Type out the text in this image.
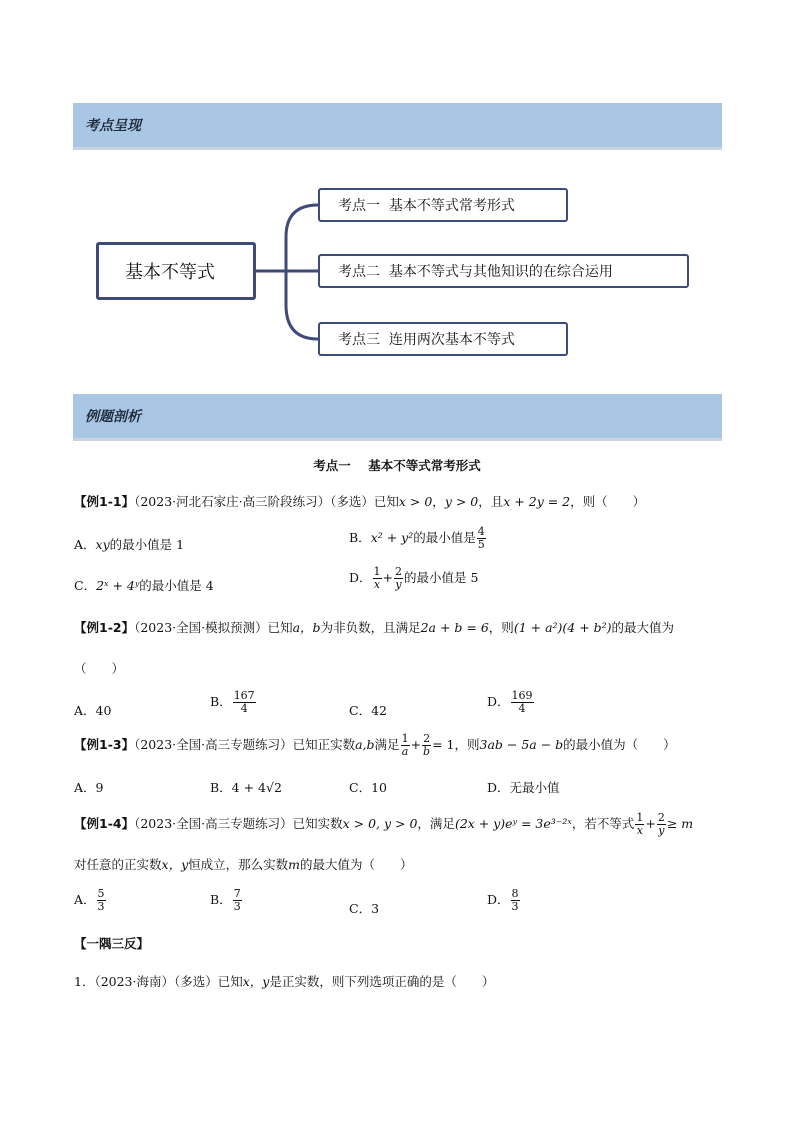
考点呈现
基本不等式
考点一  基本不等式常考形式
考点二  基本不等式与其他知识的在综合运用
考点三  连用两次基本不等式
例题剖析
考点一    基本不等式常考形式
【例1-1】（2023·河北石家庄·高三阶段练习）（多选）已知x > 0，y > 0，且x + 2y = 2，则（　　）
A．xy的最小值是 1	B．x² + y²的最小值是 $\frac{4}{5}$
C．2ˣ + 4ʸ的最小值是 4
D． $\frac{1}{x} + \frac{2}{y}$ 的最小值是 5
【例1-2】（2023·全国·模拟预测）已知a，b为非负数，且满足2a + b = 6，则(1 + a²)(4 + b²)的最大值为
（　　）
A．40
B． $\frac{167}{4}$	C．42
D． $\frac{169}{4}$
【例1-3】（2023·全国·高三专题练习）已知正实数a,b满足 $\frac{1}{a} + \frac{2}{b} = 1$，则3ab − 5a − b的最小值为（　　）
A．9	B．4 + 4√2	C．10	D．无最小值
【例1-4】（2023·全国·高三专题练习）已知实数x > 0, y > 0，满足(2x + y)eʸ = 3e³⁻²ˣ，若不等式 $\frac{1}{x} + \frac{2}{y} \ge m$
对任意的正实数x，y恒成立，那么实数m的最大值为（　　）
A． $\frac{5}{3}$	B． $\frac{7}{3}$	C．3
D． $\frac{8}{3}$
【一隅三反】
1．（2023·海南）（多选）已知x，y是正实数，则下列选项正确的是（　　）
